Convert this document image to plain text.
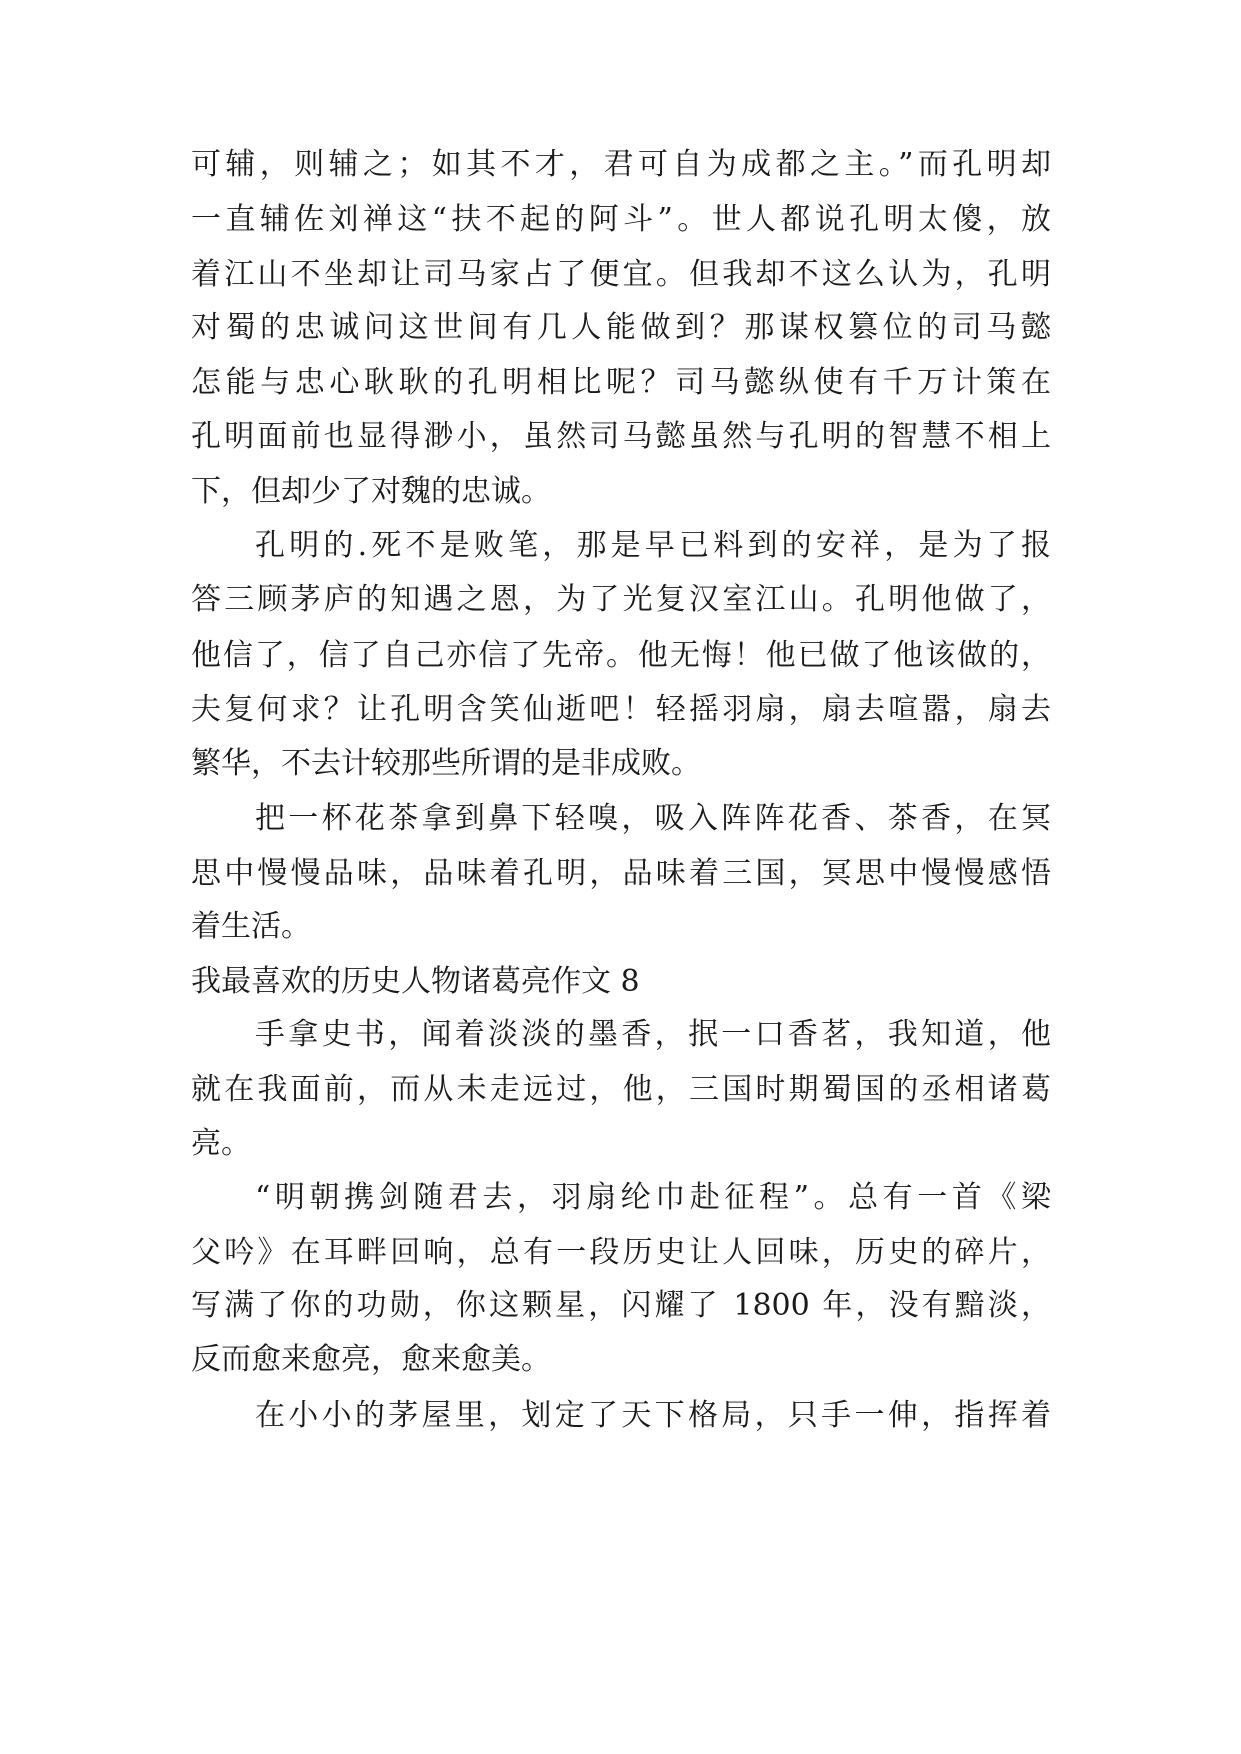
可辅，则辅之；如其不才，君可自为成都之主。”而孔明却
一直辅佐刘禅这“扶不起的阿斗”。世人都说孔明太傻，放
着江山不坐却让司马家占了便宜。但我却不这么认为，孔明
对蜀的忠诚问这世间有几人能做到？那谋权篡位的司马懿
怎能与忠心耿耿的孔明相比呢？司马懿纵使有千万计策在
孔明面前也显得渺小，虽然司马懿虽然与孔明的智慧不相上
下，但却少了对魏的忠诚。
孔明的.死不是败笔，那是早已料到的安祥，是为了报
答三顾茅庐的知遇之恩，为了光复汉室江山。孔明他做了，
他信了，信了自己亦信了先帝。他无悔！他已做了他该做的，
夫复何求？让孔明含笑仙逝吧！轻摇羽扇，扇去喧嚣，扇去
繁华，不去计较那些所谓的是非成败。
把一杯花茶拿到鼻下轻嗅，吸入阵阵花香、茶香，在冥
思中慢慢品味，品味着孔明，品味着三国，冥思中慢慢感悟
着生活。
我最喜欢的历史人物诸葛亮作文 8
手拿史书，闻着淡淡的墨香，抿一口香茗，我知道，他
就在我面前，而从未走远过，他，三国时期蜀国的丞相诸葛
亮。
“明朝携剑随君去，羽扇纶巾赴征程”。总有一首《梁
父吟》在耳畔回响，总有一段历史让人回味，历史的碎片，
写满了你的功勋，你这颗星，闪耀了 1800 年，没有黯淡，
反而愈来愈亮，愈来愈美。
在小小的茅屋里，划定了天下格局，只手一伸，指挥着
